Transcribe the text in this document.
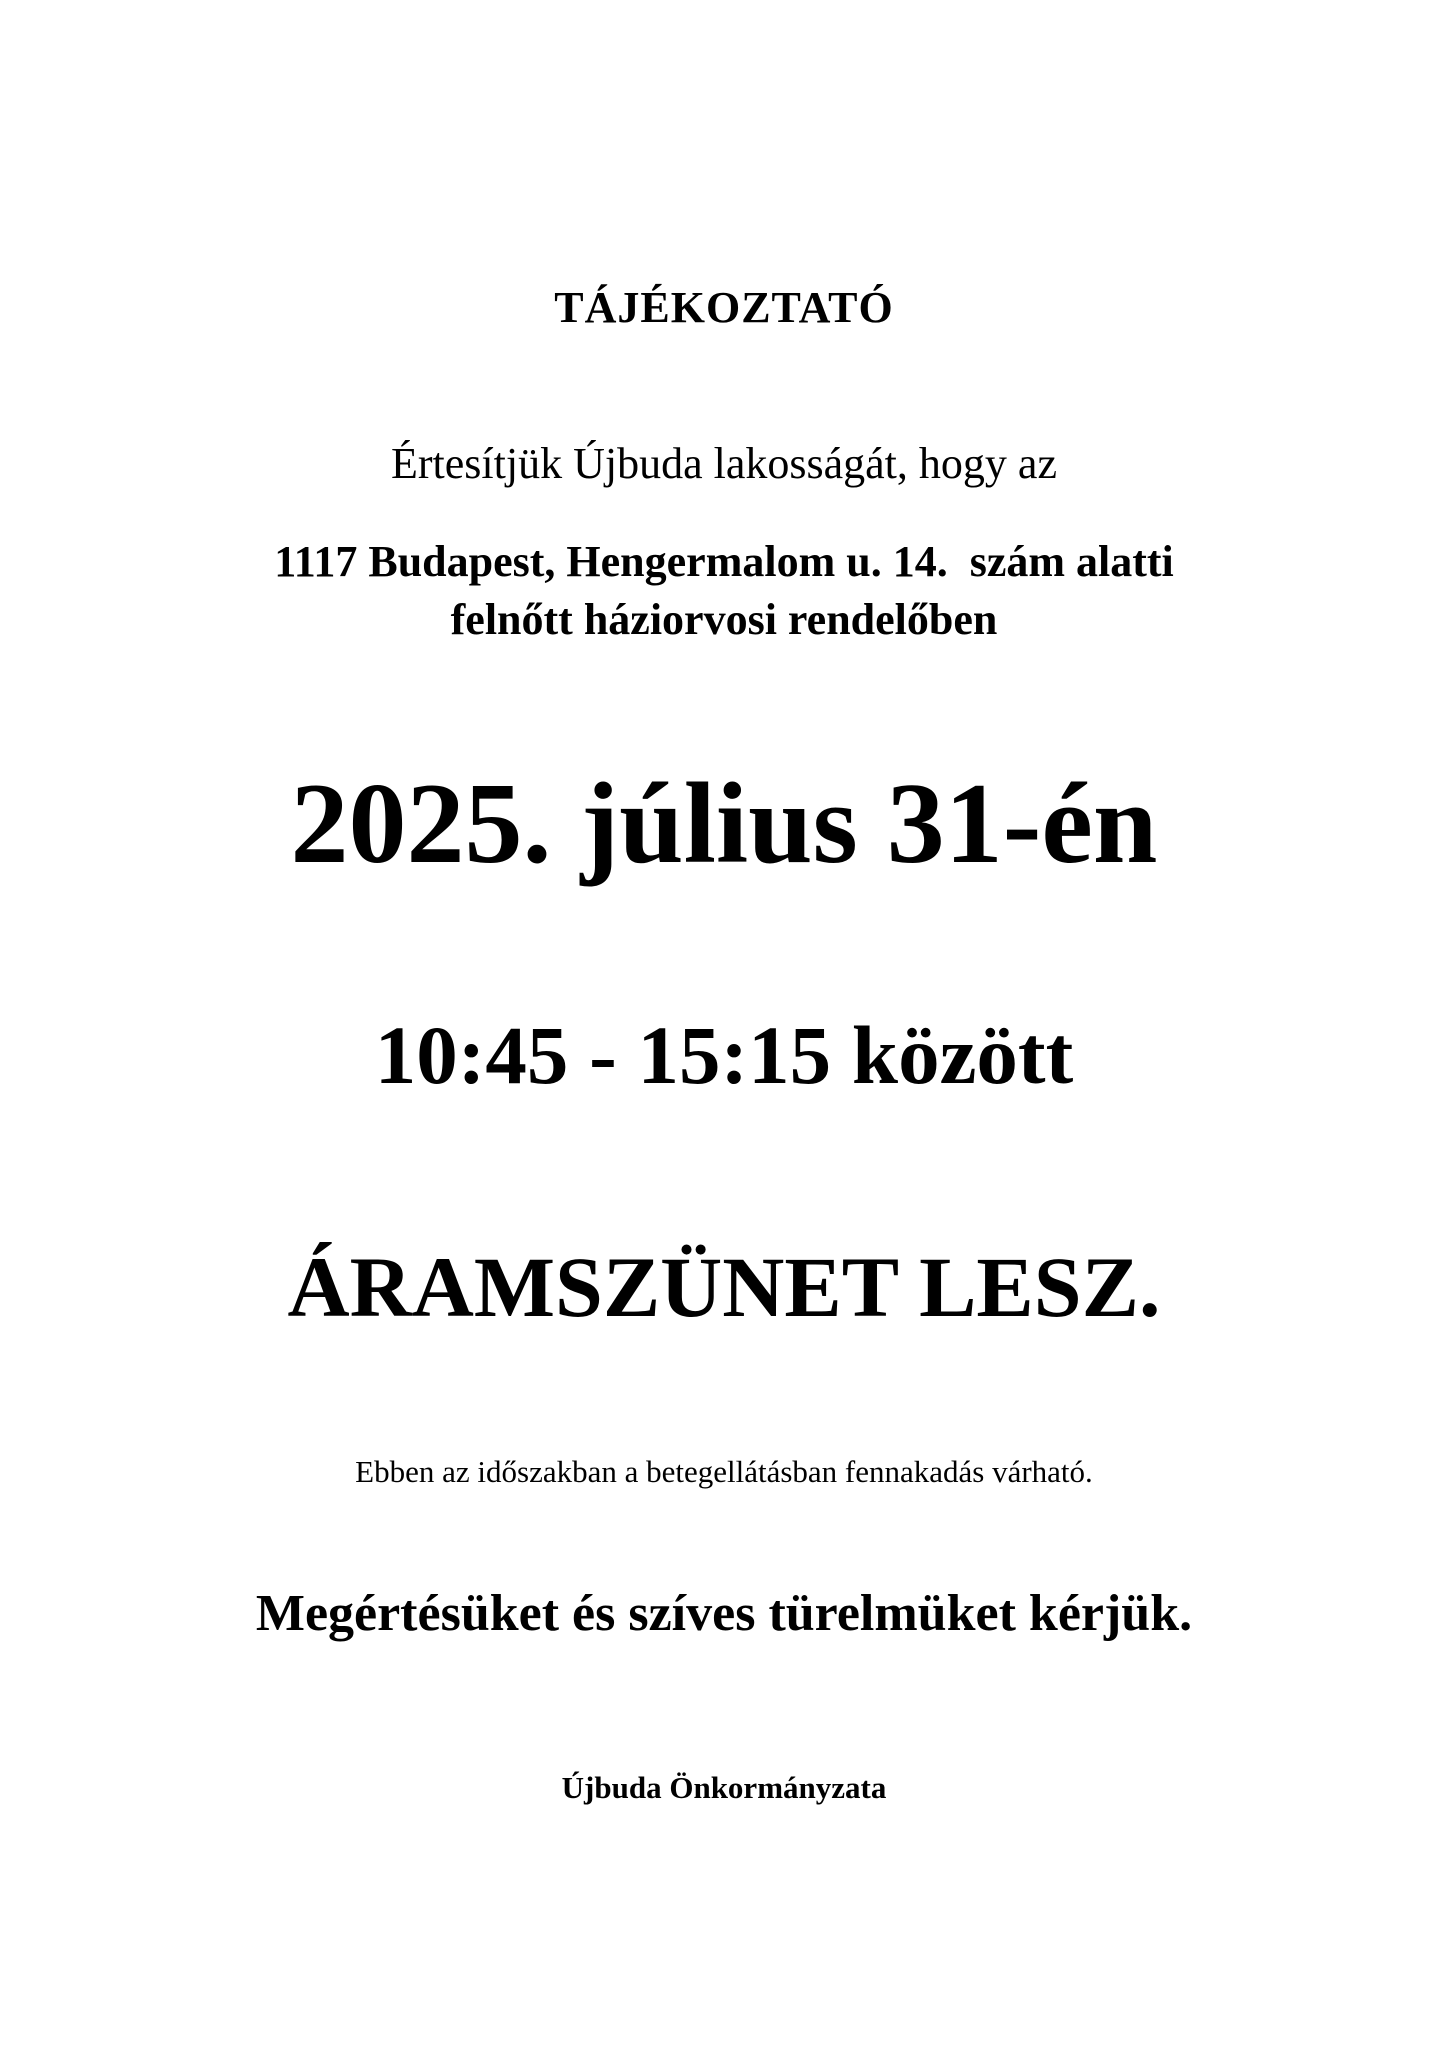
TÁJÉKOZTATÓ
Értesítjük Újbuda lakosságát, hogy az
1117 Budapest, Hengermalom u. 14.  szám alatti
felnőtt háziorvosi rendelőben
2025. július 31-én
10:45 - 15:15 között
ÁRAMSZÜNET LESZ.
Ebben az időszakban a betegellátásban fennakadás várható.
Megértésüket és szíves türelmüket kérjük.
Újbuda Önkormányzata
